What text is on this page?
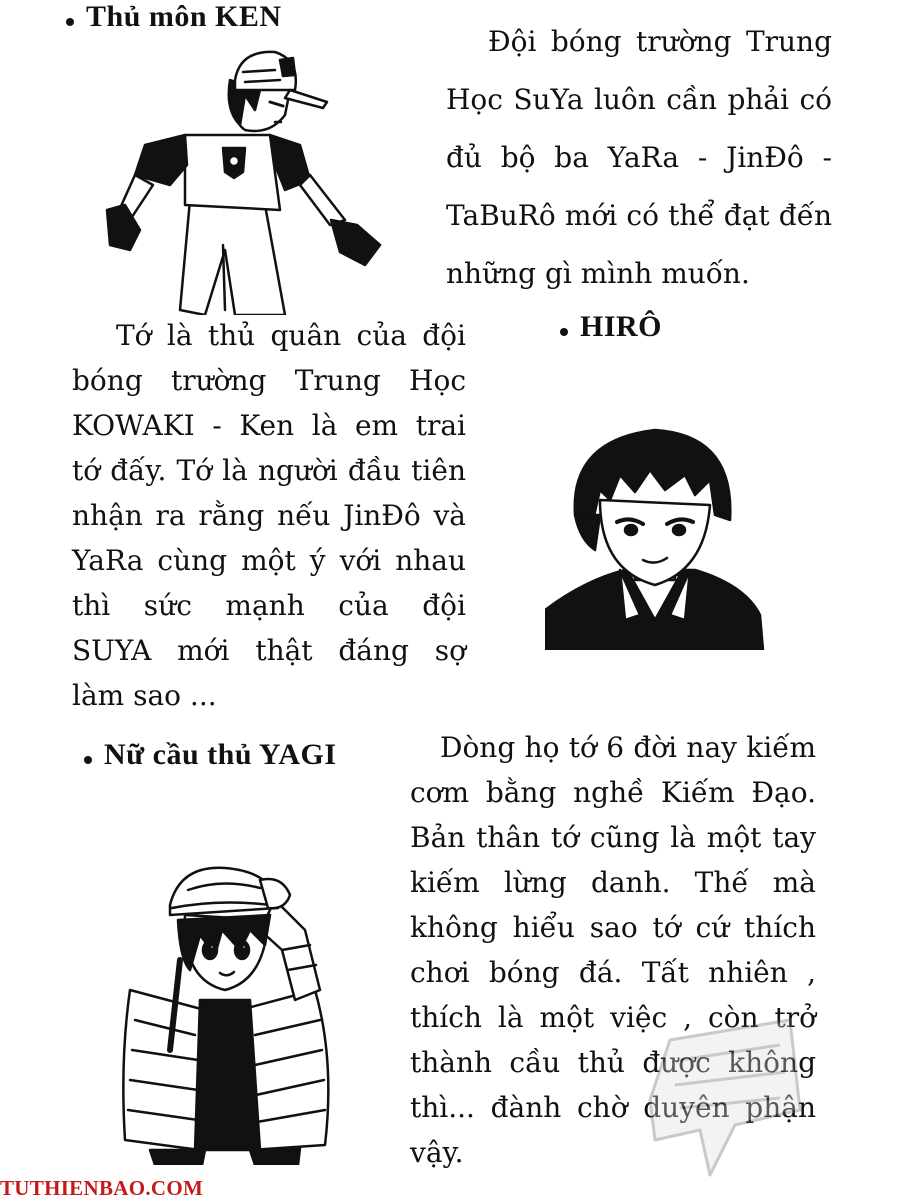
Thủ môn KEN
HIRÔ
Nữ cầu thủ YAGI
Đội bóng trường Trung
Học SuYa luôn cần phải có
đủ bộ ba YaRa - JinĐô -
TaBuRô mới có thể đạt đến
những gì mình muốn.
Tớ là thủ quân của đội
bóng trường Trung Học
KOWAKI - Ken là em trai
tớ đấy. Tớ là người đầu tiên
nhận ra rằng nếu JinĐô và
YaRa cùng một ý với nhau
thì sức mạnh của đội
SUYA mới thật đáng sợ
làm sao ...
Dòng họ tớ 6 đời nay kiếm
cơm bằng nghề Kiếm Đạo.
Bản thân tớ cũng là một tay
kiếm lừng danh. Thế mà
không hiểu sao tớ cứ thích
chơi bóng đá. Tất nhiên ,
thích là một việc , còn trở
thành cầu thủ được không
thì... đành chờ duyên phận
vậy.
TUTHIENBAO.COM
